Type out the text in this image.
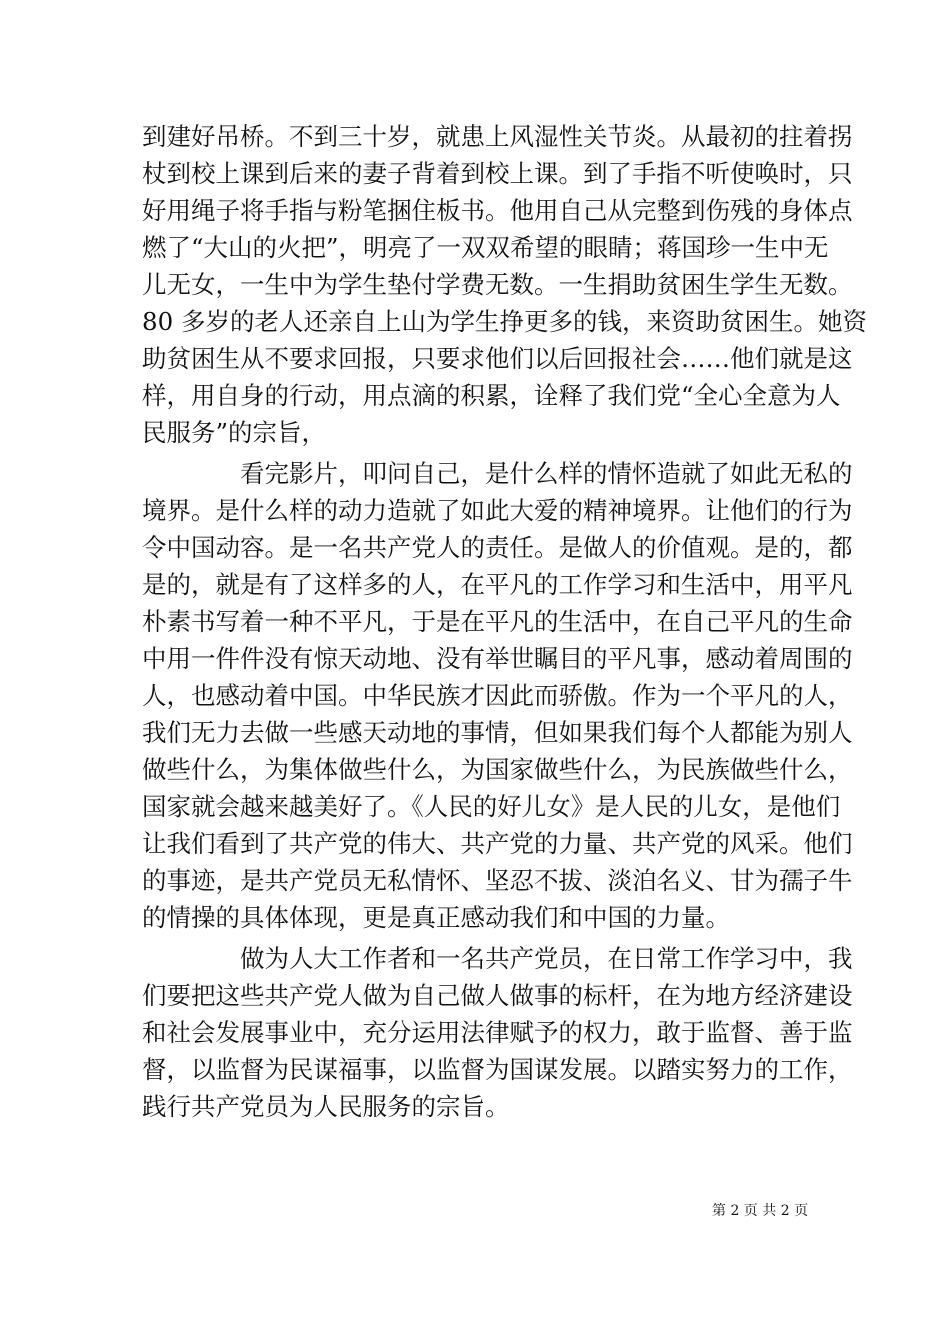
到建好吊桥。不到三十岁，就患上风湿性关节炎。从最初的拄着拐
杖到校上课到后来的妻子背着到校上课。到了手指不听使唤时，只
好用绳子将手指与粉笔捆住板书。他用自己从完整到伤残的身体点
燃了“大山的火把”，明亮了一双双希望的眼睛；蒋国珍一生中无
儿无女，一生中为学生垫付学费无数。一生捐助贫困生学生无数。
80 多岁的老人还亲自上山为学生挣更多的钱，来资助贫困生。她资
助贫困生从不要求回报，只要求他们以后回报社会……他们就是这
样，用自身的行动，用点滴的积累，诠释了我们党“全心全意为人
民服务”的宗旨，
看完影片，叩问自己，是什么样的情怀造就了如此无私的
境界。是什么样的动力造就了如此大爱的精神境界。让他们的行为
令中国动容。是一名共产党人的责任。是做人的价值观。是的，都
是的，就是有了这样多的人，在平凡的工作学习和生活中，用平凡
朴素书写着一种不平凡，于是在平凡的生活中，在自己平凡的生命
中用一件件没有惊天动地、没有举世瞩目的平凡事，感动着周围的
人，也感动着中国。中华民族才因此而骄傲。作为一个平凡的人，
我们无力去做一些感天动地的事情，但如果我们每个人都能为别人
做些什么，为集体做些什么，为国家做些什么，为民族做些什么，
国家就会越来越美好了。《人民的好儿女》是人民的儿女，是他们
让我们看到了共产党的伟大、共产党的力量、共产党的风采。他们
的事迹，是共产党员无私情怀、坚忍不拔、淡泊名义、甘为孺子牛
的情操的具体体现，更是真正感动我们和中国的力量。
做为人大工作者和一名共产党员，在日常工作学习中，我
们要把这些共产党人做为自己做人做事的标杆，在为地方经济建设
和社会发展事业中，充分运用法律赋予的权力，敢于监督、善于监
督，以监督为民谋福事，以监督为国谋发展。以踏实努力的工作，
践行共产党员为人民服务的宗旨。
第 2 页 共 2 页
